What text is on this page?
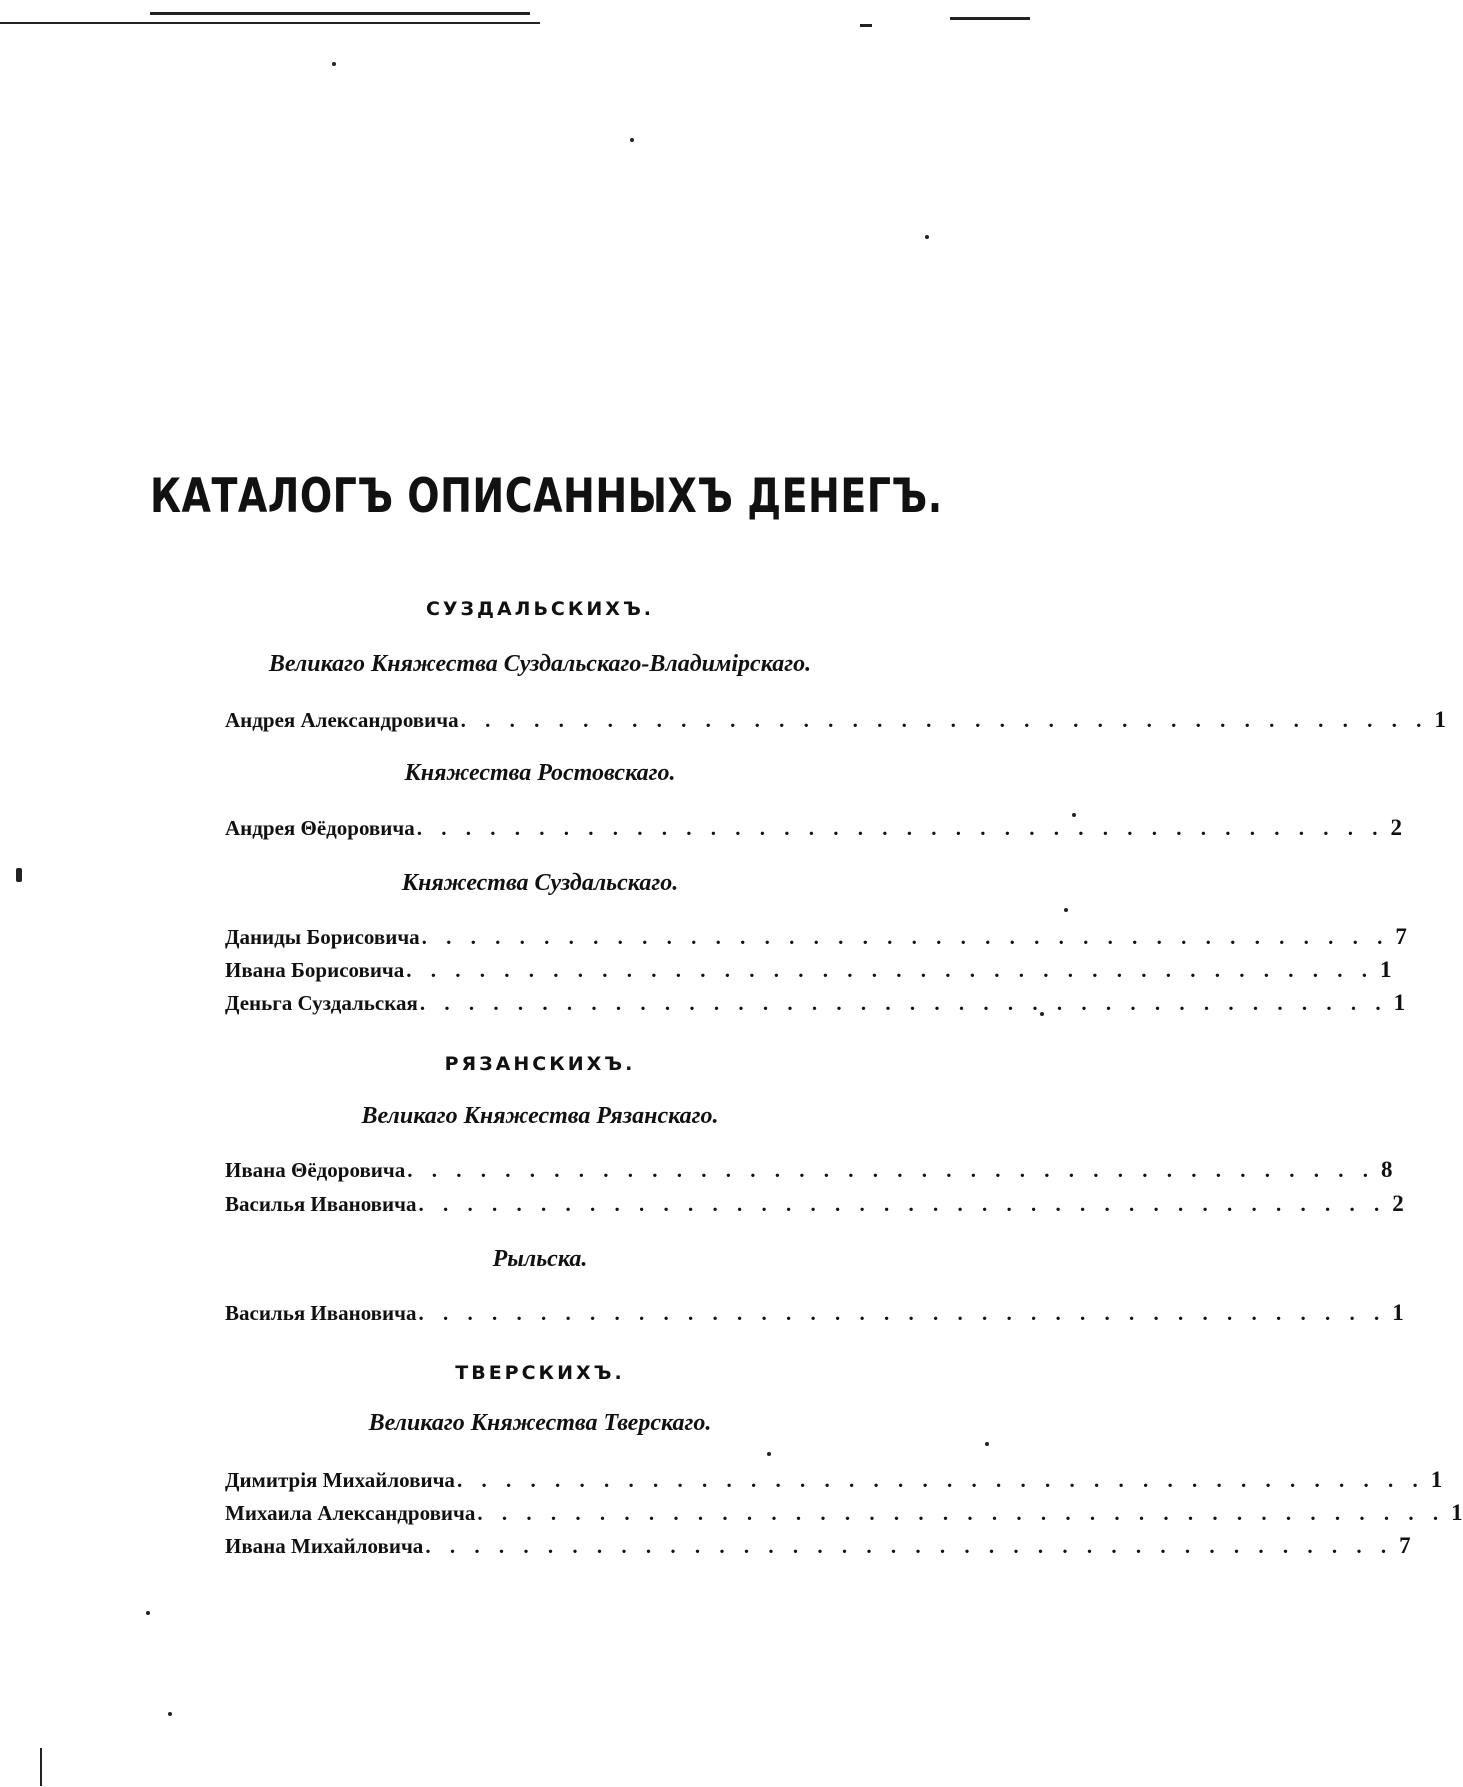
КАТАЛОГЪ ОПИСАННЫХЪ ДЕНЕГЪ.
СУЗДАЛЬСКИХЪ.
Великаго Княжества Суздальскаго-Владимірскаго.
Андрея Александровича . . . . . . . . . . . . . . . . . . . . . . . . . . . . . . . . . . . . . . . . 1
Княжества Ростовскаго.
Андрея Θёдоровича . . . . . . . . . . . . . . . . . . . . . . . . . . . . . . . . . . . . . . . . 2
Княжества Суздальскаго.
Даниды Борисовича . . . . . . . . . . . . . . . . . . . . . . . . . . . . . . . . . . . . . . . . 7
Ивана Борисовича . . . . . . . . . . . . . . . . . . . . . . . . . . . . . . . . . . . . . . . . 1
Деньга Суздальская . . . . . . . . . . . . . . . . . . . . . . . . . . . . . . . . . . . . . . . . 1
РЯЗАНСКИХЪ.
Великаго Княжества Рязанскаго.
Ивана Θёдоровича . . . . . . . . . . . . . . . . . . . . . . . . . . . . . . . . . . . . . . . . 8
Василья Ивановича . . . . . . . . . . . . . . . . . . . . . . . . . . . . . . . . . . . . . . . . 2
Рыльска.
Василья Ивановича . . . . . . . . . . . . . . . . . . . . . . . . . . . . . . . . . . . . . . . . 1
ТВЕРСКИХЪ.
Великаго Княжества Тверскаго.
Димитрія Михайловича . . . . . . . . . . . . . . . . . . . . . . . . . . . . . . . . . . . . . . . . 1
Михаила Александровича . . . . . . . . . . . . . . . . . . . . . . . . . . . . . . . . . . . . . . . . 1
Ивана Михайловича . . . . . . . . . . . . . . . . . . . . . . . . . . . . . . . . . . . . . . . . 7
